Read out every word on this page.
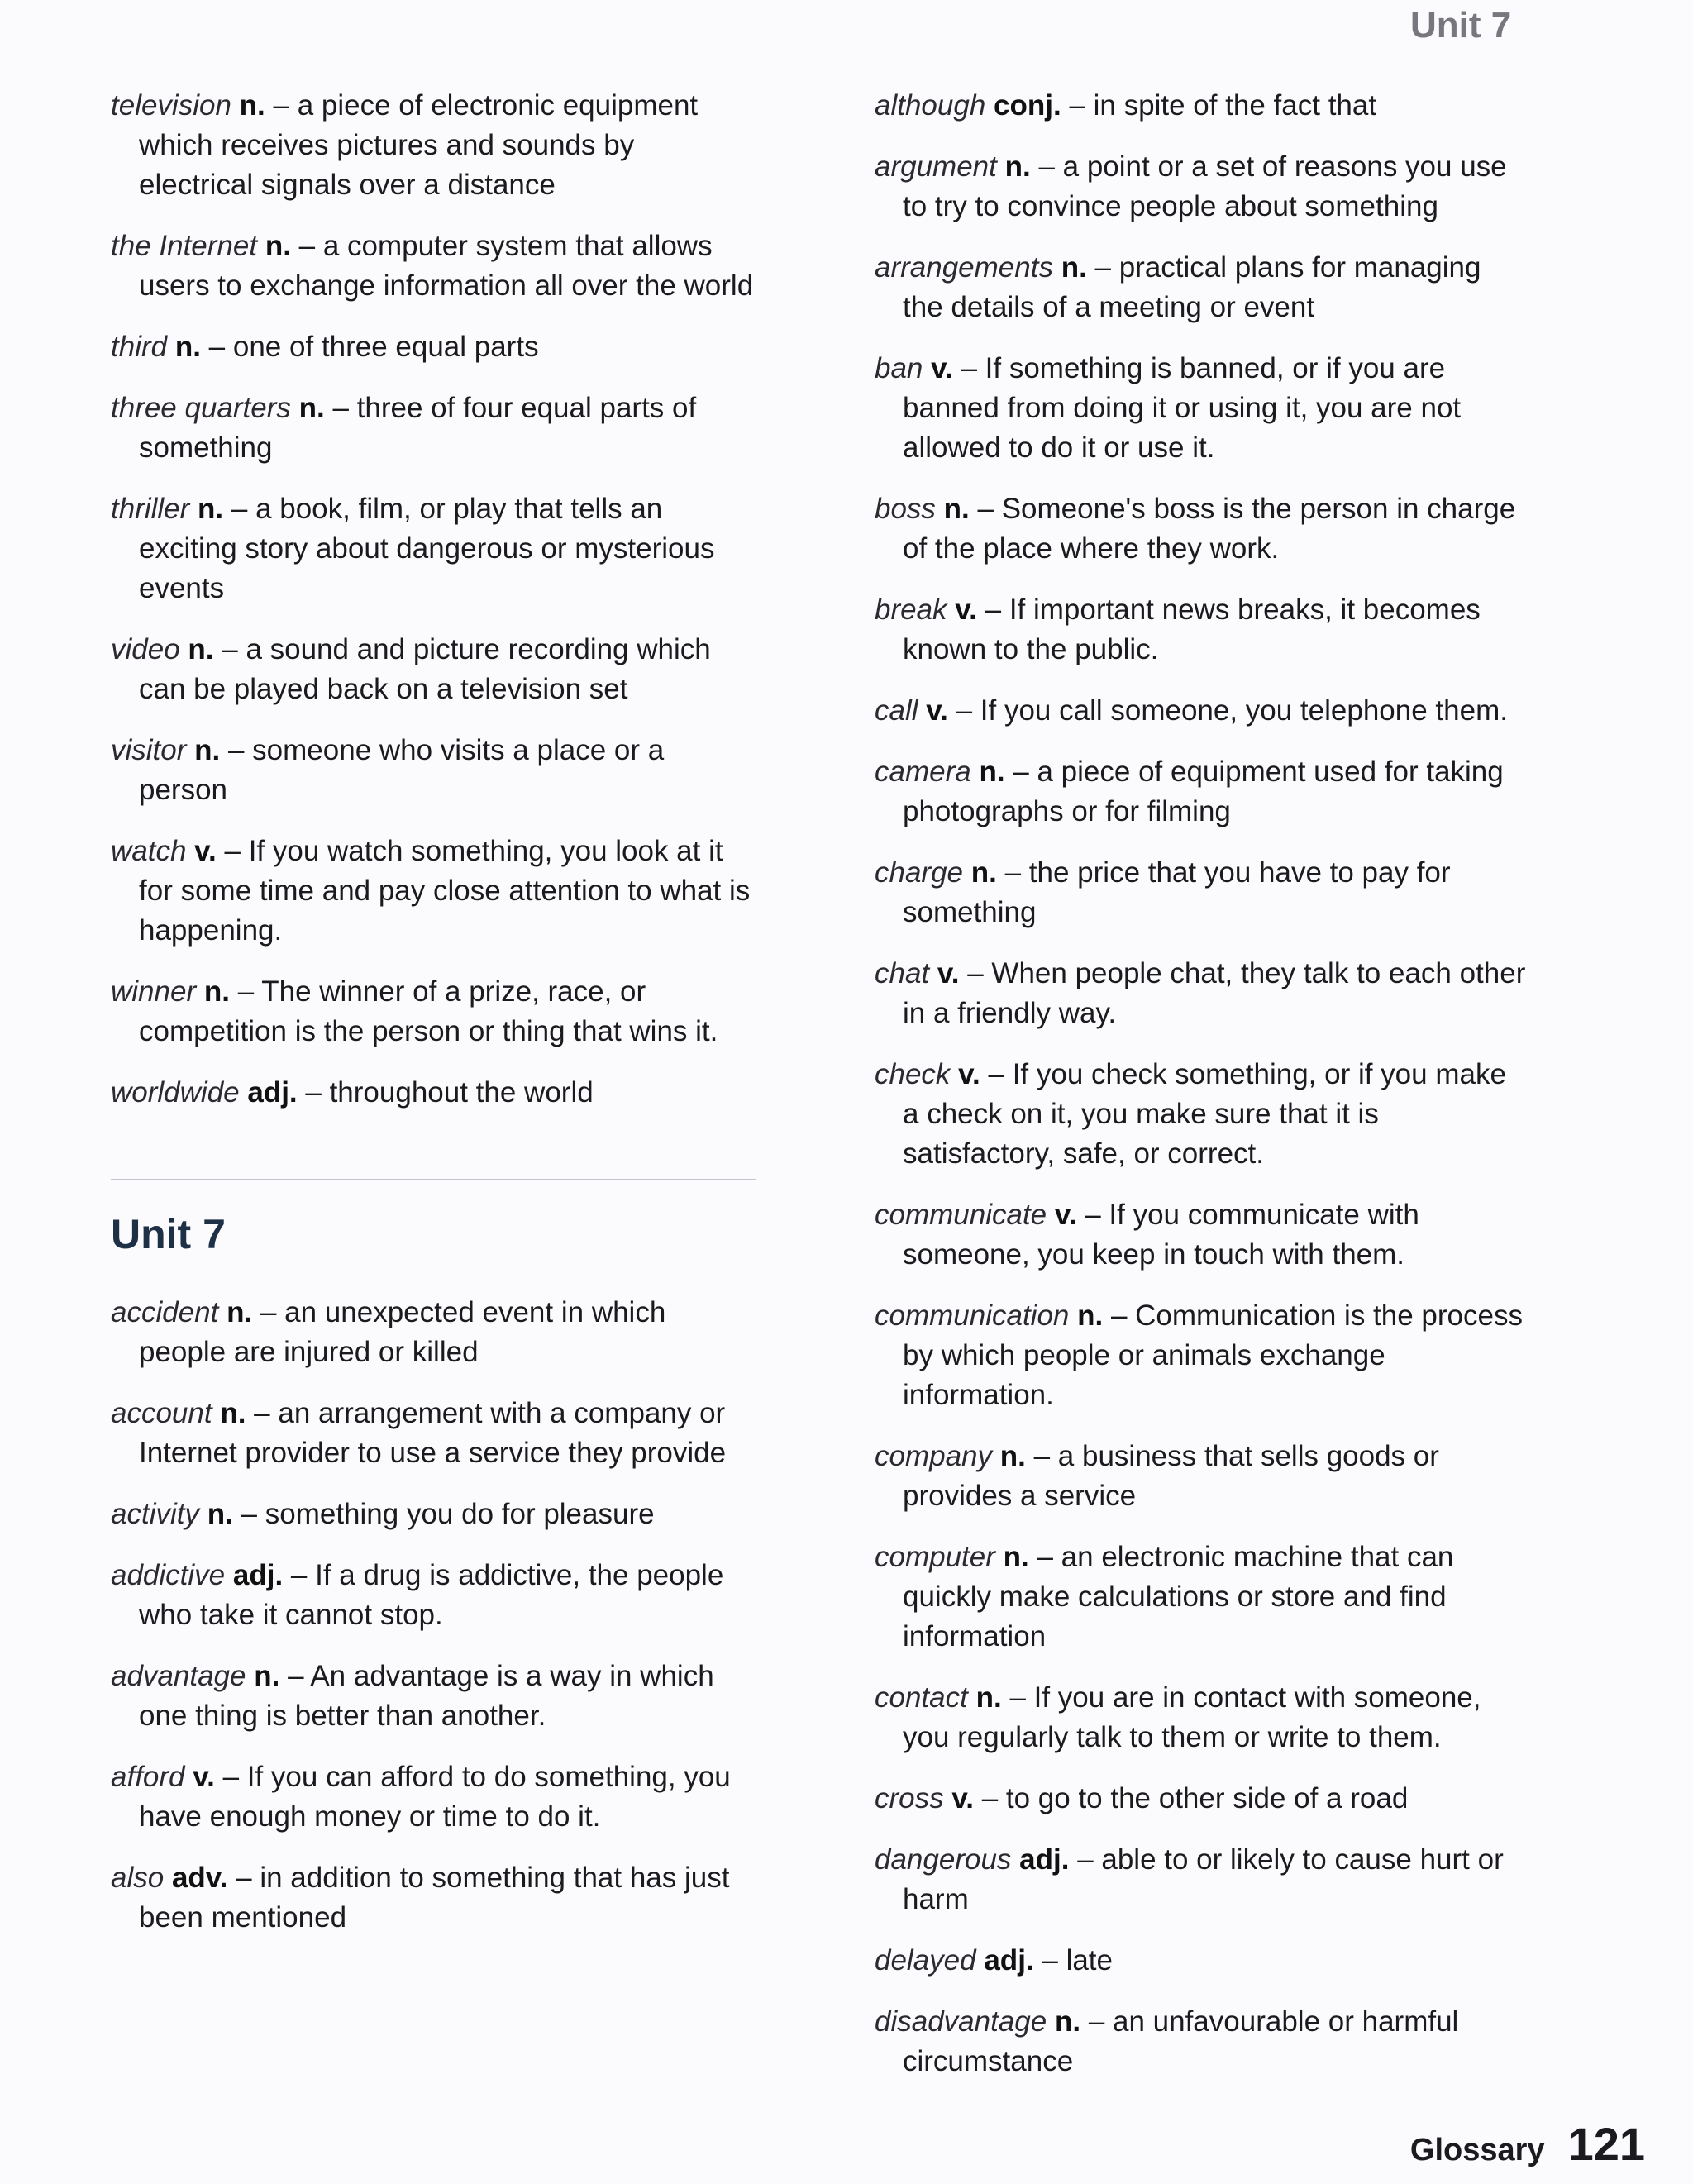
Unit 7

television n. – a piece of electronic equipment which receives pictures and sounds by electrical signals over a distance

the Internet n. – a computer system that allows users to exchange information all over the world

third n. – one of three equal parts

three quarters n. – three of four equal parts of something

thriller n. – a book, film, or play that tells an exciting story about dangerous or mysterious events

video n. – a sound and picture recording which can be played back on a television set

visitor n. – someone who visits a place or a person

watch v. – If you watch something, you look at it for some time and pay close attention to what is happening.

winner n. – The winner of a prize, race, or competition is the person or thing that wins it.

worldwide adj. – throughout the world

Unit 7

accident n. – an unexpected event in which people are injured or killed

account n. – an arrangement with a company or Internet provider to use a service they provide

activity n. – something you do for pleasure

addictive adj. – If a drug is addictive, the people who take it cannot stop.

advantage n. – An advantage is a way in which one thing is better than another.

afford v. – If you can afford to do something, you have enough money or time to do it.

also adv. – in addition to something that has just been mentioned

although conj. – in spite of the fact that

argument n. – a point or a set of reasons you use to try to convince people about something

arrangements n. – practical plans for managing the details of a meeting or event

ban v. – If something is banned, or if you are banned from doing it or using it, you are not allowed to do it or use it.

boss n. – Someone's boss is the person in charge of the place where they work.

break v. – If important news breaks, it becomes known to the public.

call v. – If you call someone, you telephone them.

camera n. – a piece of equipment used for taking photographs or for filming

charge n. – the price that you have to pay for something

chat v. – When people chat, they talk to each other in a friendly way.

check v. – If you check something, or if you make a check on it, you make sure that it is satisfactory, safe, or correct.

communicate v. – If you communicate with someone, you keep in touch with them.

communication n. – Communication is the process by which people or animals exchange information.

company n. – a business that sells goods or provides a service

computer n. – an electronic machine that can quickly make calculations or store and find information

contact n. – If you are in contact with someone, you regularly talk to them or write to them.

cross v. – to go to the other side of a road

dangerous adj. – able to or likely to cause hurt or harm

delayed adj. – late

disadvantage n. – an unfavourable or harmful circumstance

Glossary 121
